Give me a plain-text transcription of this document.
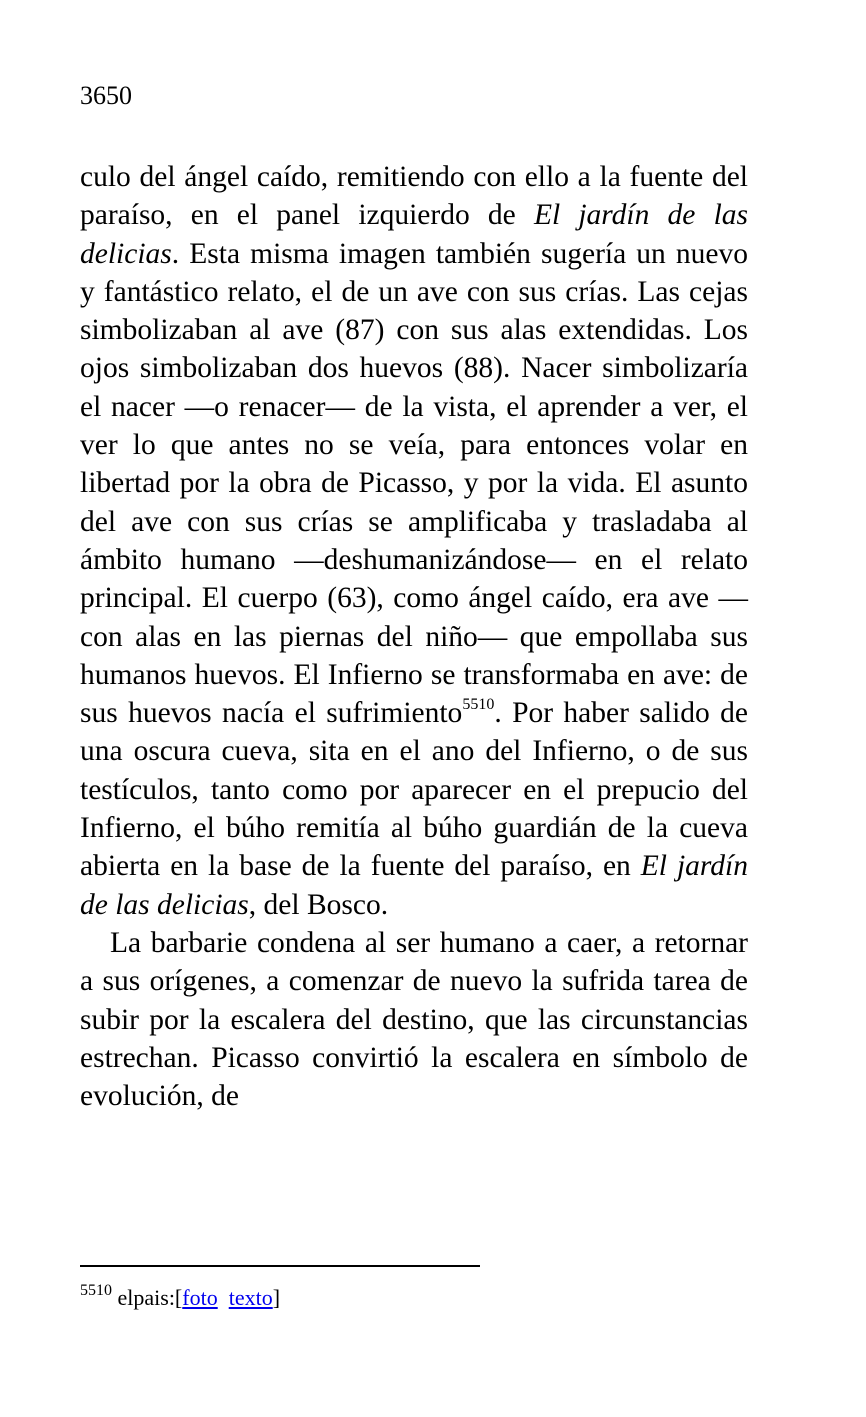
3650

culo del ángel caído, remitiendo con ello a la fuente del paraíso, en el panel izquierdo de El jardín de las delicias. Esta misma imagen también sugería un nuevo y fantástico relato, el de un ave con sus crías. Las cejas simbolizaban al ave (87) con sus alas extendidas. Los ojos simbolizaban dos huevos (88). Nacer simbolizaría el nacer —o renacer— de la vista, el aprender a ver, el ver lo que antes no se veía, para entonces volar en libertad por la obra de Picasso, y por la vida. El asunto del ave con sus crías se amplificaba y trasladaba al ámbito humano —deshumanizándose— en el relato principal. El cuerpo (63), como ángel caído, era ave —con alas en las piernas del niño— que empollaba sus humanos huevos. El Infierno se transformaba en ave: de sus huevos nacía el sufrimiento$^{5510}$. Por haber salido de una oscura cueva, sita en el ano del Infierno, o de sus testículos, tanto como por aparecer en el prepucio del Infierno, el búho remitía al búho guardián de la cueva abierta en la base de la fuente del paraíso, en El jardín de las delicias, del Bosco.

La barbarie condena al ser humano a caer, a retornar a sus orígenes, a comenzar de nuevo la sufrida tarea de subir por la escalera del destino, que las circunstancias estrechan. Picasso convirtió la escalera en símbolo de evolución, de

$^{5510}$ elpais:[foto texto]
